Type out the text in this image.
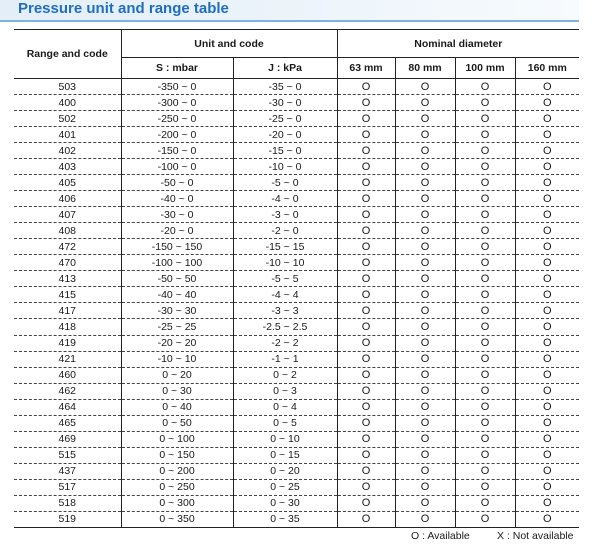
Pressure unit and range table
Range and code	Unit and code		Nominal diameter			
	S : mbar	J : kPa	63 mm	80 mm	100 mm	160 mm
503	-350 ~ 0	-35 ~ 0	O	O	O	O
400	-300 ~ 0	-30 ~ 0	O	O	O	O
502	-250 ~ 0	-25 ~ 0	O	O	O	O
401	-200 ~ 0	-20 ~ 0	O	O	O	O
402	-150 ~ 0	-15 ~ 0	O	O	O	O
403	-100 ~ 0	-10 ~ 0	O	O	O	O
405	-50 ~ 0	-5 ~ 0	O	O	O	O
406	-40 ~ 0	-4 ~ 0	O	O	O	O
407	-30 ~ 0	-3 ~ 0	O	O	O	O
408	-20 ~ 0	-2 ~ 0	O	O	O	O
472	-150 ~ 150	-15 ~ 15	O	O	O	O
470	-100 ~ 100	-10 ~ 10	O	O	O	O
413	-50 ~ 50	-5 ~ 5	O	O	O	O
415	-40 ~ 40	-4 ~ 4	O	O	O	O
417	-30 ~ 30	-3 ~ 3	O	O	O	O
418	-25 ~ 25	-2.5 ~ 2.5	O	O	O	O
419	-20 ~ 20	-2 ~ 2	O	O	O	O
421	-10 ~ 10	-1 ~ 1	O	O	O	O
460	0 ~ 20	0 ~ 2	O	O	O	O
462	0 ~ 30	0 ~ 3	O	O	O	O
464	0 ~ 40	0 ~ 4	O	O	O	O
465	0 ~ 50	0 ~ 5	O	O	O	O
469	0 ~ 100	0 ~ 10	O	O	O	O
515	0 ~ 150	0 ~ 15	O	O	O	O
437	0 ~ 200	0 ~ 20	O	O	O	O
517	0 ~ 250	0 ~ 25	O	O	O	O
518	0 ~ 300	0 ~ 30	O	O	O	O
519	0 ~ 350	0 ~ 35	O	O	O	O
O : Available	X : Not available
